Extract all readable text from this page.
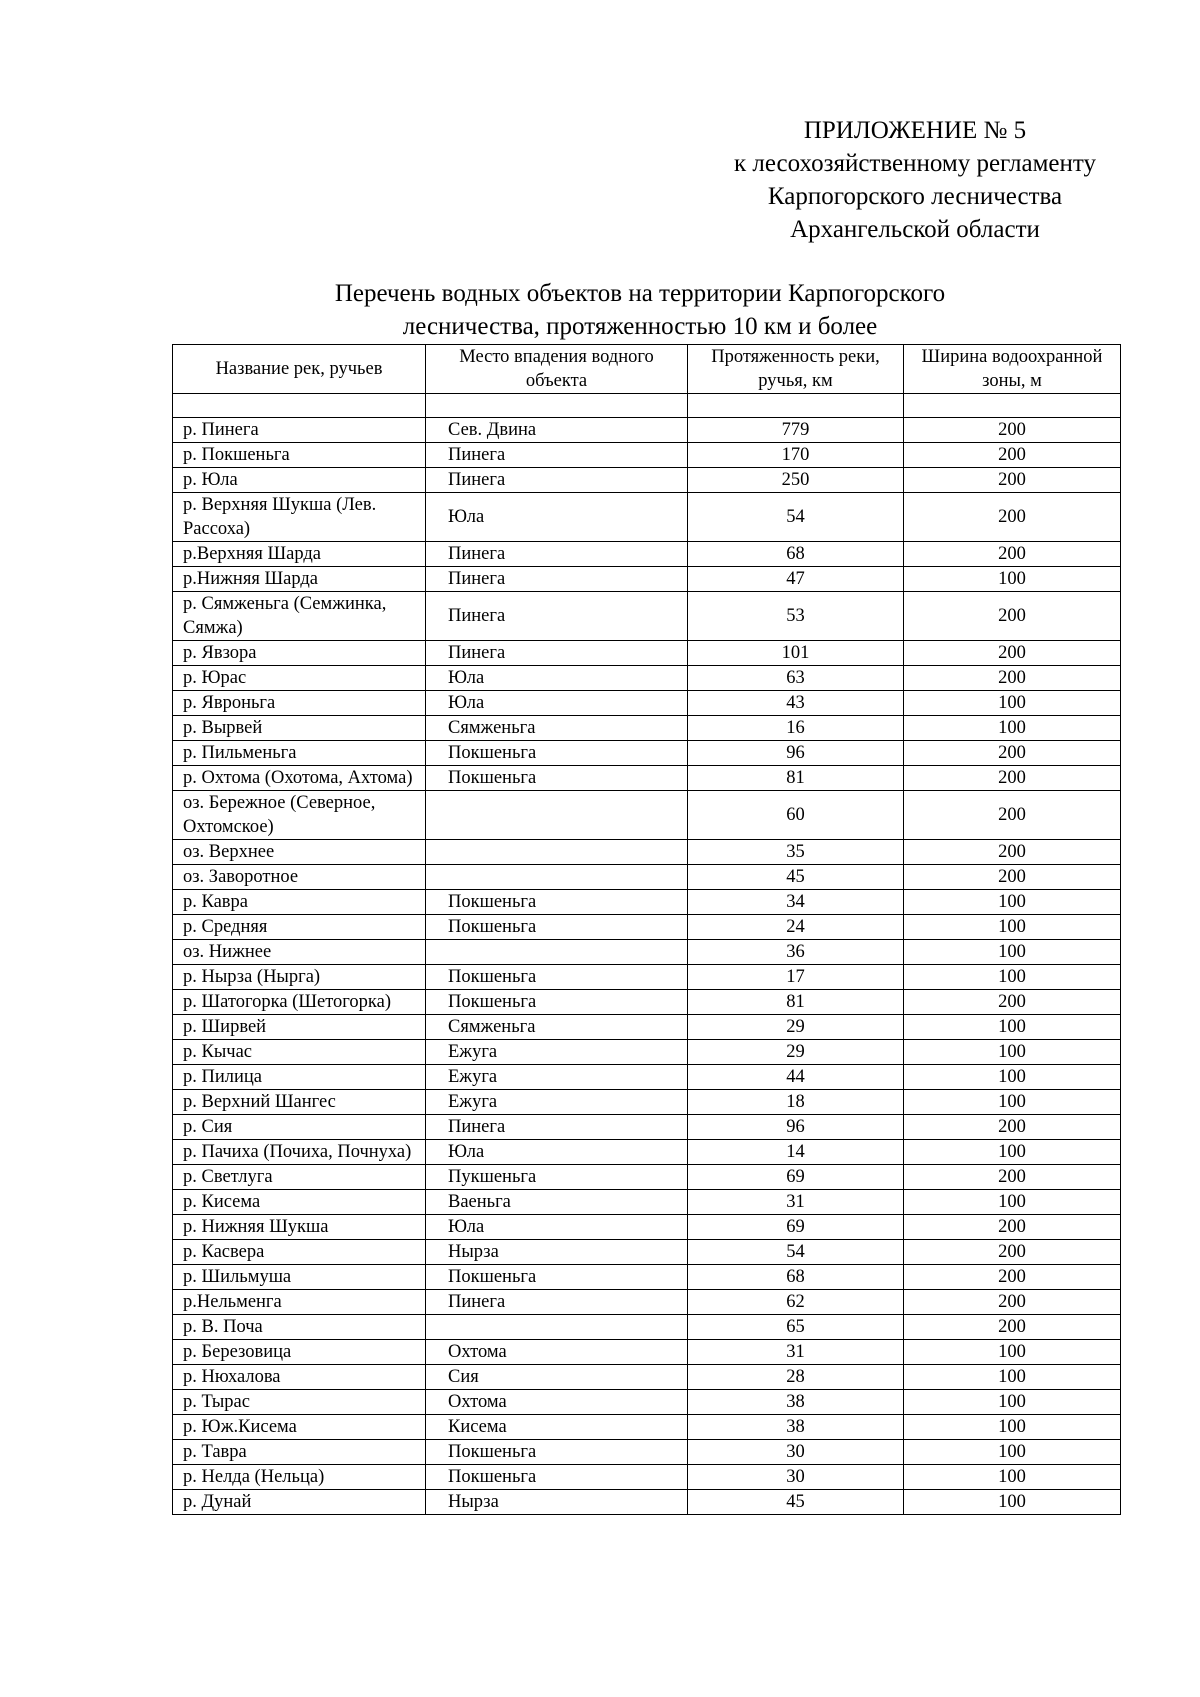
ПРИЛОЖЕНИЕ № 5
к лесохозяйственному регламенту
Карпогорского лесничества
Архангельской области
Перечень водных объектов на территории Карпогорского
лесничества, протяженностью 10 км и более
Название рек, ручьев	Место впадения водного объекта	Протяженность реки, ручья, км	Ширина водоохранной зоны, м

р. Пинега	Сев. Двина	779	200
р. Покшеньга	Пинега	170	200
р. Юла	Пинега	250	200
р. Верхняя Шукша (Лев. Рассоха)	Юла	54	200
р.Верхняя Шарда	Пинега	68	200
р.Нижняя Шарда	Пинега	47	100
р. Сямженьга (Семжинка, Сямжа)	Пинега	53	200
р. Явзора	Пинега	101	200
р. Юрас	Юла	63	200
р. Явроньга	Юла	43	100
р. Вырвей	Сямженьга	16	100
р. Пильменьга	Покшеньга	96	200
р. Охтома (Охотома, Ахтома)	Покшеньга	81	200
оз. Бережное (Северное, Охтомское)		60	200
оз. Верхнее		35	200
оз. Заворотное		45	200
р. Кавра	Покшеньга	34	100
р. Средняя	Покшеньга	24	100
оз. Нижнее		36	100
р. Нырза (Нырга)	Покшеньга	17	100
р. Шатогорка (Шетогорка)	Покшеньга	81	200
р. Ширвей	Сямженьга	29	100
р. Кычас	Ежуга	29	100
р. Пилица	Ежуга	44	100
р. Верхний Шангес	Ежуга	18	100
р. Сия	Пинега	96	200
р. Пачиха (Почиха, Почнуха)	Юла	14	100
р. Светлуга	Пукшеньга	69	200
р. Кисема	Ваеньга	31	100
р. Нижняя Шукша	Юла	69	200
р. Касвера	Нырза	54	200
р. Шильмуша	Покшеньга	68	200
р.Нельменга	Пинега	62	200
р. В. Поча		65	200
р. Березовица	Охтома	31	100
р. Нюхалова	Сия	28	100
р. Тырас	Охтома	38	100
р. Юж.Кисема	Кисема	38	100
р. Тавра	Покшеньга	30	100
р. Нелда (Нельца)	Покшеньга	30	100
р. Дунай	Нырза	45	100
